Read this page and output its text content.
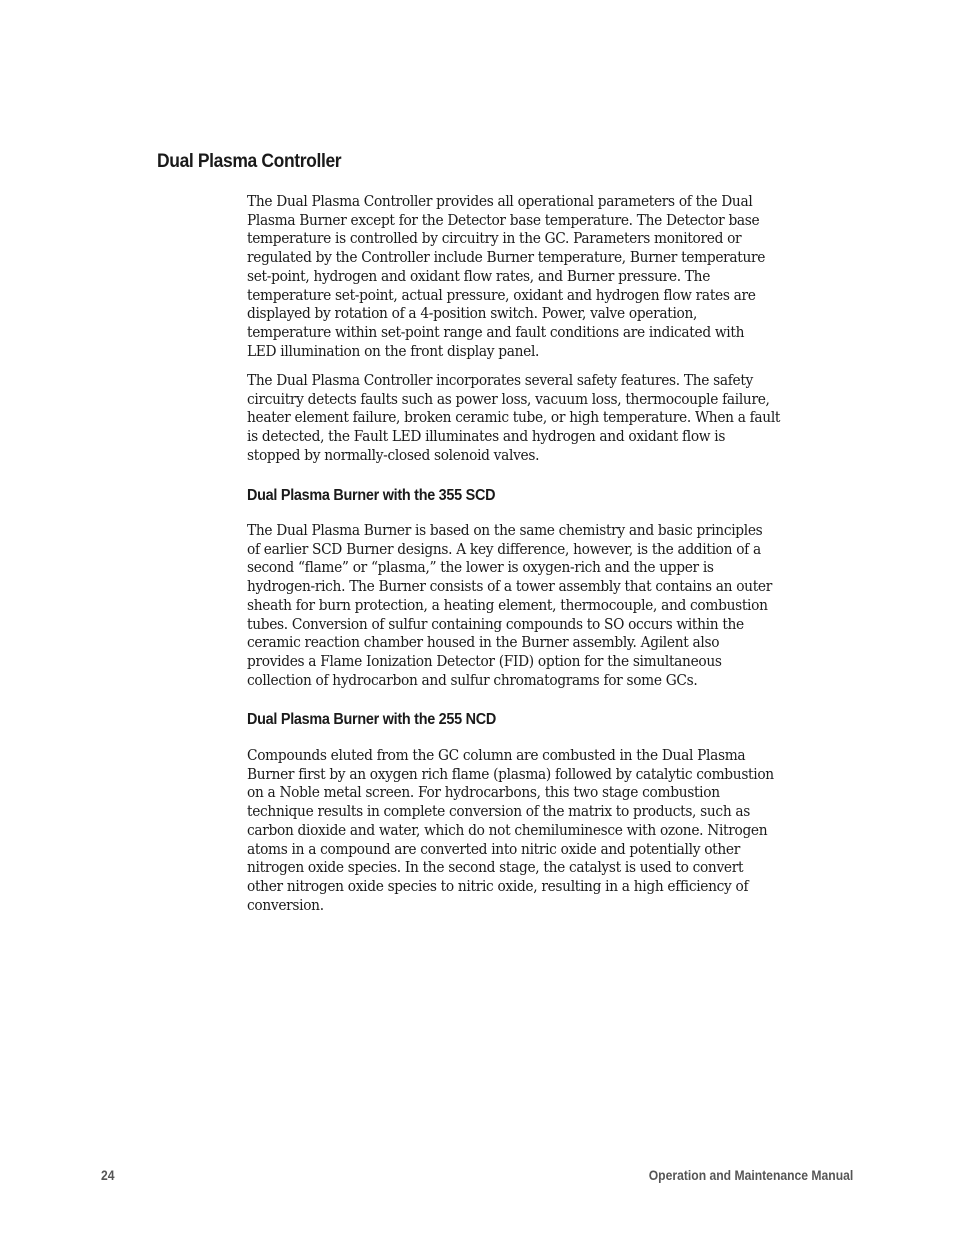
Dual Plasma Controller
The Dual Plasma Controller provides all operational parameters of the Dual
Plasma Burner except for the Detector base temperature. The Detector base
temperature is controlled by circuitry in the GC. Parameters monitored or
regulated by the Controller include Burner temperature, Burner temperature
set-point, hydrogen and oxidant flow rates, and Burner pressure. The
temperature set-point, actual pressure, oxidant and hydrogen flow rates are
displayed by rotation of a 4-position switch. Power, valve operation,
temperature within set-point range and fault conditions are indicated with
LED illumination on the front display panel.
The Dual Plasma Controller incorporates several safety features. The safety
circuitry detects faults such as power loss, vacuum loss, thermocouple failure,
heater element failure, broken ceramic tube, or high temperature. When a fault
is detected, the Fault LED illuminates and hydrogen and oxidant flow is
stopped by normally-closed solenoid valves.
Dual Plasma Burner with the 355 SCD
The Dual Plasma Burner is based on the same chemistry and basic principles
of earlier SCD Burner designs. A key difference, however, is the addition of a
second “flame” or “plasma,” the lower is oxygen-rich and the upper is
hydrogen-rich. The Burner consists of a tower assembly that contains an outer
sheath for burn protection, a heating element, thermocouple, and combustion
tubes. Conversion of sulfur containing compounds to SO occurs within the
ceramic reaction chamber housed in the Burner assembly. Agilent also
provides a Flame Ionization Detector (FID) option for the simultaneous
collection of hydrocarbon and sulfur chromatograms for some GCs.
Dual Plasma Burner with the 255 NCD
Compounds eluted from the GC column are combusted in the Dual Plasma
Burner first by an oxygen rich flame (plasma) followed by catalytic combustion
on a Noble metal screen. For hydrocarbons, this two stage combustion
technique results in complete conversion of the matrix to products, such as
carbon dioxide and water, which do not chemiluminesce with ozone. Nitrogen
atoms in a compound are converted into nitric oxide and potentially other
nitrogen oxide species. In the second stage, the catalyst is used to convert
other nitrogen oxide species to nitric oxide, resulting in a high efficiency of
conversion.
24	Operation and Maintenance Manual
